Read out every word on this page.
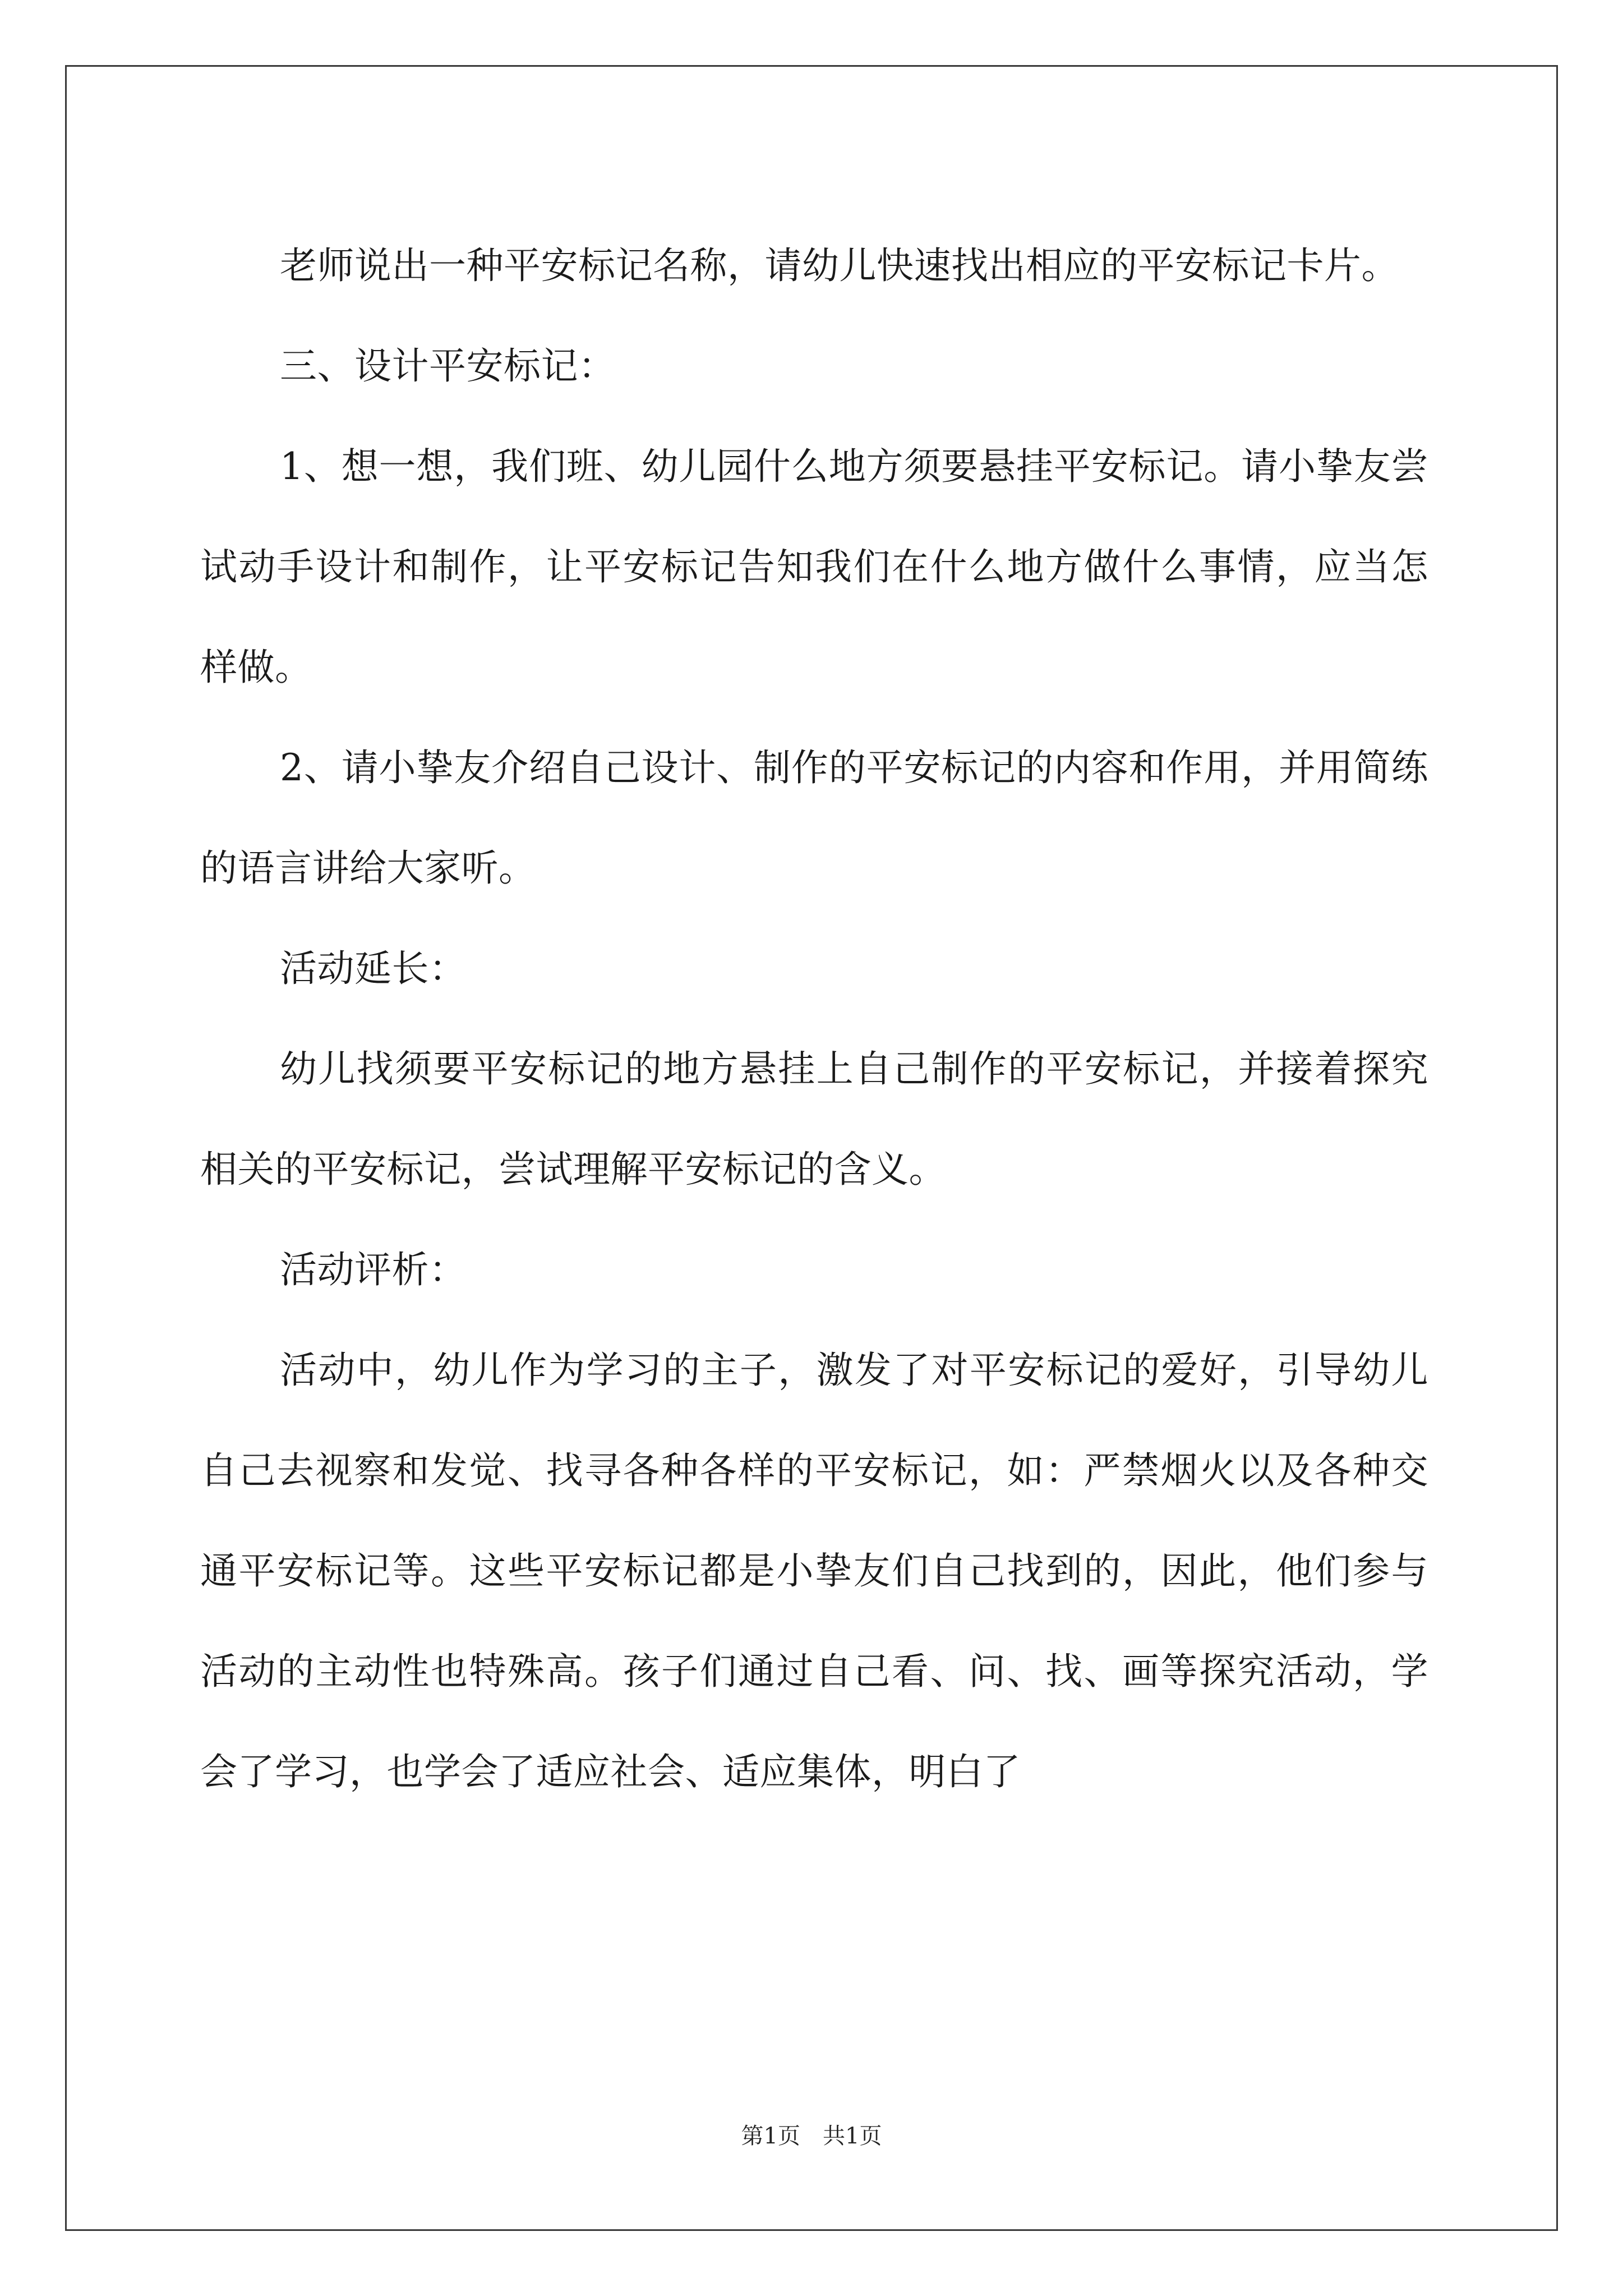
老师说出一种平安标记名称，请幼儿快速找出相应的平安标记卡片。

三、设计平安标记：

1、想一想，我们班、幼儿园什么地方须要悬挂平安标记。请小挚友尝试动手设计和制作，让平安标记告知我们在什么地方做什么事情，应当怎样做。

2、请小挚友介绍自己设计、制作的平安标记的内容和作用，并用简练的语言讲给大家听。

活动延长：

幼儿找须要平安标记的地方悬挂上自己制作的平安标记，并接着探究相关的平安标记，尝试理解平安标记的含义。

活动评析：

活动中，幼儿作为学习的主子，激发了对平安标记的爱好，引导幼儿自己去视察和发觉、找寻各种各样的平安标记，如：严禁烟火以及各种交通平安标记等。这些平安标记都是小挚友们自己找到的，因此，他们参与活动的主动性也特殊高。孩子们通过自己看、问、找、画等探究活动，学会了学习，也学会了适应社会、适应集体，明白了

第1页　共1页
